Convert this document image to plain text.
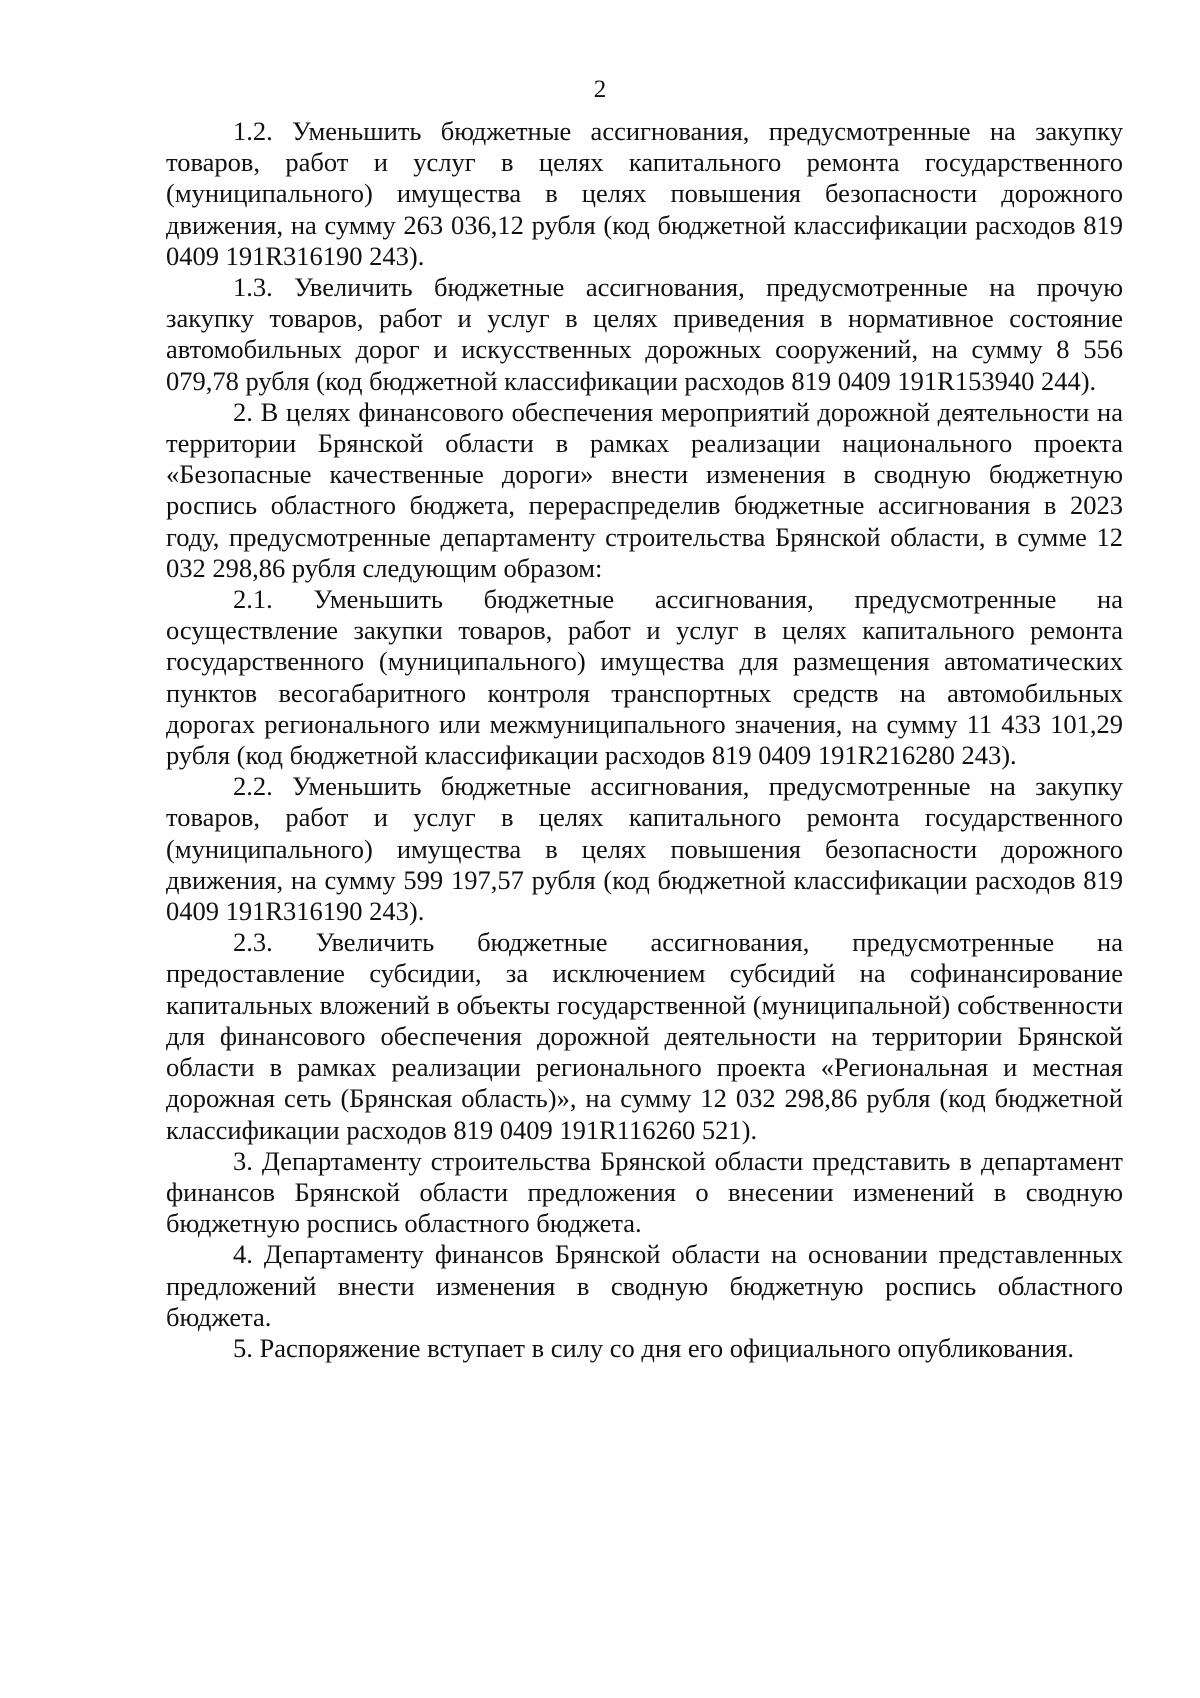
2

1.2. Уменьшить бюджетные ассигнования, предусмотренные на закупку товаров, работ и услуг в целях капитального ремонта государственного (муниципального) имущества в целях повышения безопасности дорожного движения, на сумму 263 036,12 рубля (код бюджетной классификации расходов 819 0409 191R316190 243).

1.3. Увеличить бюджетные ассигнования, предусмотренные на прочую закупку товаров, работ и услуг в целях приведения в нормативное состояние автомобильных дорог и искусственных дорожных сооружений, на сумму 8 556 079,78 рубля (код бюджетной классификации расходов 819 0409 191R153940 244).

2. В целях финансового обеспечения мероприятий дорожной деятельности на территории Брянской области в рамках реализации национального проекта «Безопасные качественные дороги» внести изменения в сводную бюджетную роспись областного бюджета, перераспределив бюджетные ассигнования в 2023 году, предусмотренные департаменту строительства Брянской области, в сумме 12 032 298,86 рубля следующим образом:

2.1. Уменьшить бюджетные ассигнования, предусмотренные на осуществление закупки товаров, работ и услуг в целях капитального ремонта государственного (муниципального) имущества для размещения автоматических пунктов весогабаритного контроля транспортных средств на автомобильных дорогах регионального или межмуниципального значения, на сумму 11 433 101,29 рубля (код бюджетной классификации расходов 819 0409 191R216280 243).

2.2. Уменьшить бюджетные ассигнования, предусмотренные на закупку товаров, работ и услуг в целях капитального ремонта государственного (муниципального) имущества в целях повышения безопасности дорожного движения, на сумму 599 197,57 рубля (код бюджетной классификации расходов 819 0409 191R316190 243).

2.3. Увеличить бюджетные ассигнования, предусмотренные на предоставление субсидии, за исключением субсидий на софинансирование капитальных вложений в объекты государственной (муниципальной) собственности для финансового обеспечения дорожной деятельности на территории Брянской области в рамках реализации регионального проекта «Региональная и местная дорожная сеть (Брянская область)», на сумму 12 032 298,86 рубля (код бюджетной классификации расходов 819 0409 191R116260 521).

3. Департаменту строительства Брянской области представить в департамент финансов Брянской области предложения о внесении изменений в сводную бюджетную роспись областного бюджета.

4. Департаменту финансов Брянской области на основании представленных предложений внести изменения в сводную бюджетную роспись областного бюджета.

5. Распоряжение вступает в силу со дня его официального опубликования.
